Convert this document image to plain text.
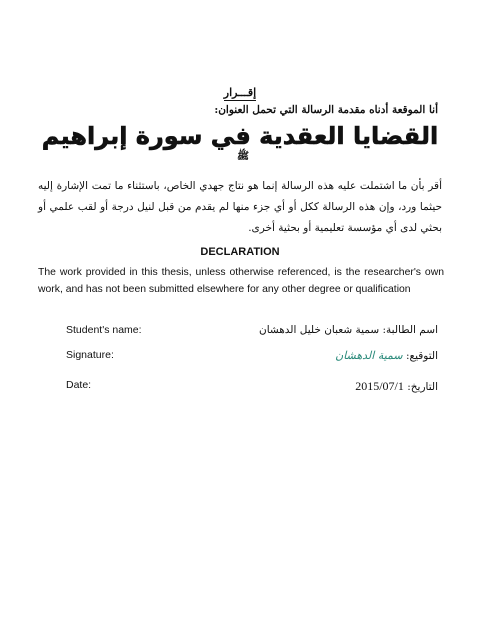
إقـــرار
أنا الموقعة أدناه مقدمة الرسالة التي تحمل العنوان:
القضايا العقدية في سورة إبراهيم ﷺ
أقر بأن ما اشتملت عليه هذه الرسالة إنما هو نتاج جهدي الخاص، باستثناء ما تمت الإشارة إليه حيثما ورد، وإن هذه الرسالة ككل أو أي جزء منها لم يقدم من قبل لنيل درجة أو لقب علمي أو بحثي لدى أي مؤسسة تعليمية أو بحثية أخرى.
DECLARATION
The work provided in this thesis, unless otherwise referenced, is the researcher's own work, and has not been submitted elsewhere for any other degree or qualification
Student's name:	اسم الطالبة: سمية شعبان خليل الدهشان
Signature:	التوقيع: سمية الدهشان
Date:	التاريخ: 2015/07/1
